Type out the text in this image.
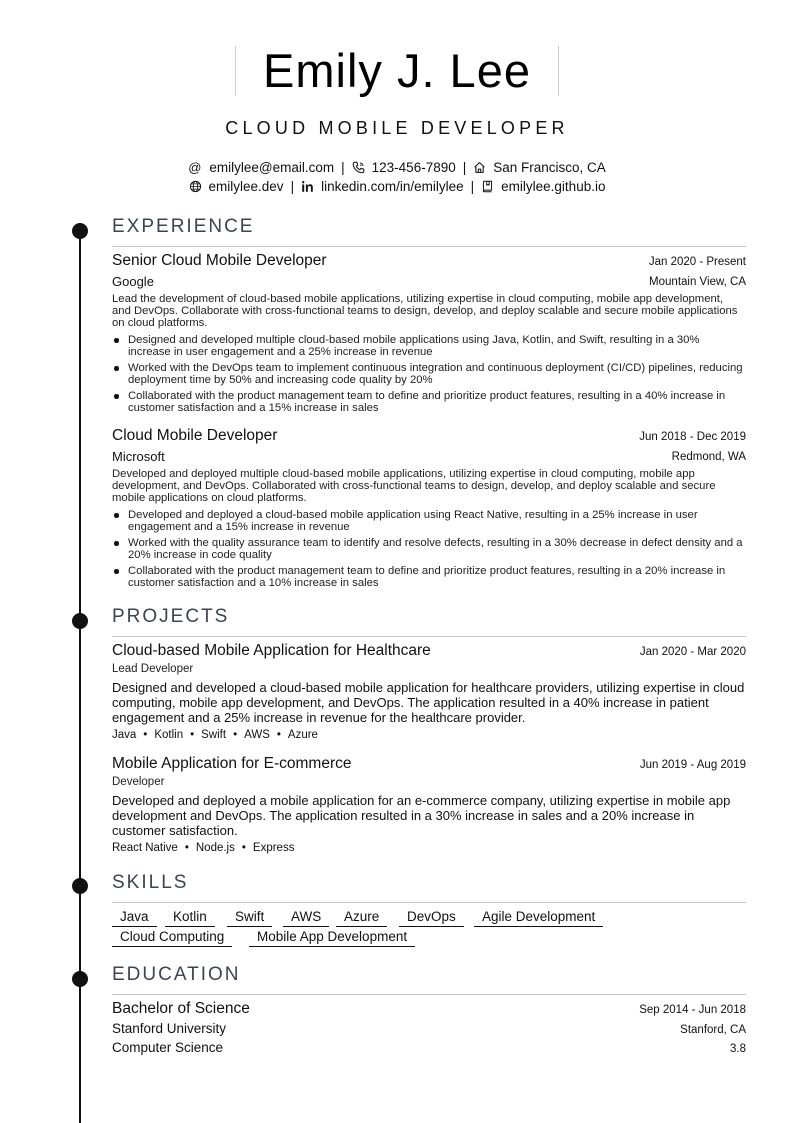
Emily J. Lee
CLOUD MOBILE DEVELOPER
@ emilylee@email.com | 123-456-7890 | San Francisco, CA
emilylee.dev | linkedin.com/in/emilylee | emilylee.github.io
EXPERIENCE
Senior Cloud Mobile Developer	Jan 2020 - Present
Google	Mountain View, CA
Lead the development of cloud-based mobile applications, utilizing expertise in cloud computing, mobile app development, and DevOps. Collaborate with cross-functional teams to design, develop, and deploy scalable and secure mobile applications on cloud platforms.
Designed and developed multiple cloud-based mobile applications using Java, Kotlin, and Swift, resulting in a 30% increase in user engagement and a 25% increase in revenue
Worked with the DevOps team to implement continuous integration and continuous deployment (CI/CD) pipelines, reducing deployment time by 50% and increasing code quality by 20%
Collaborated with the product management team to define and prioritize product features, resulting in a 40% increase in customer satisfaction and a 15% increase in sales
Cloud Mobile Developer	Jun 2018 - Dec 2019
Microsoft	Redmond, WA
Developed and deployed multiple cloud-based mobile applications, utilizing expertise in cloud computing, mobile app development, and DevOps. Collaborated with cross-functional teams to design, develop, and deploy scalable and secure mobile applications on cloud platforms.
Developed and deployed a cloud-based mobile application using React Native, resulting in a 25% increase in user engagement and a 15% increase in revenue
Worked with the quality assurance team to identify and resolve defects, resulting in a 30% decrease in defect density and a 20% increase in code quality
Collaborated with the product management team to define and prioritize product features, resulting in a 20% increase in customer satisfaction and a 10% increase in sales
PROJECTS
Cloud-based Mobile Application for Healthcare	Jan 2020 - Mar 2020
Lead Developer
Designed and developed a cloud-based mobile application for healthcare providers, utilizing expertise in cloud computing, mobile app development, and DevOps. The application resulted in a 40% increase in patient engagement and a 25% increase in revenue for the healthcare provider.
Java • Kotlin • Swift • AWS • Azure
Mobile Application for E-commerce	Jun 2019 - Aug 2019
Developer
Developed and deployed a mobile application for an e-commerce company, utilizing expertise in mobile app development and DevOps. The application resulted in a 30% increase in sales and a 20% increase in customer satisfaction.
React Native • Node.js • Express
SKILLS
Java	Kotlin	Swift	AWS	Azure	DevOps	Agile Development
Cloud Computing	Mobile App Development
EDUCATION
Bachelor of Science	Sep 2014 - Jun 2018
Stanford University	Stanford, CA
Computer Science	3.8
